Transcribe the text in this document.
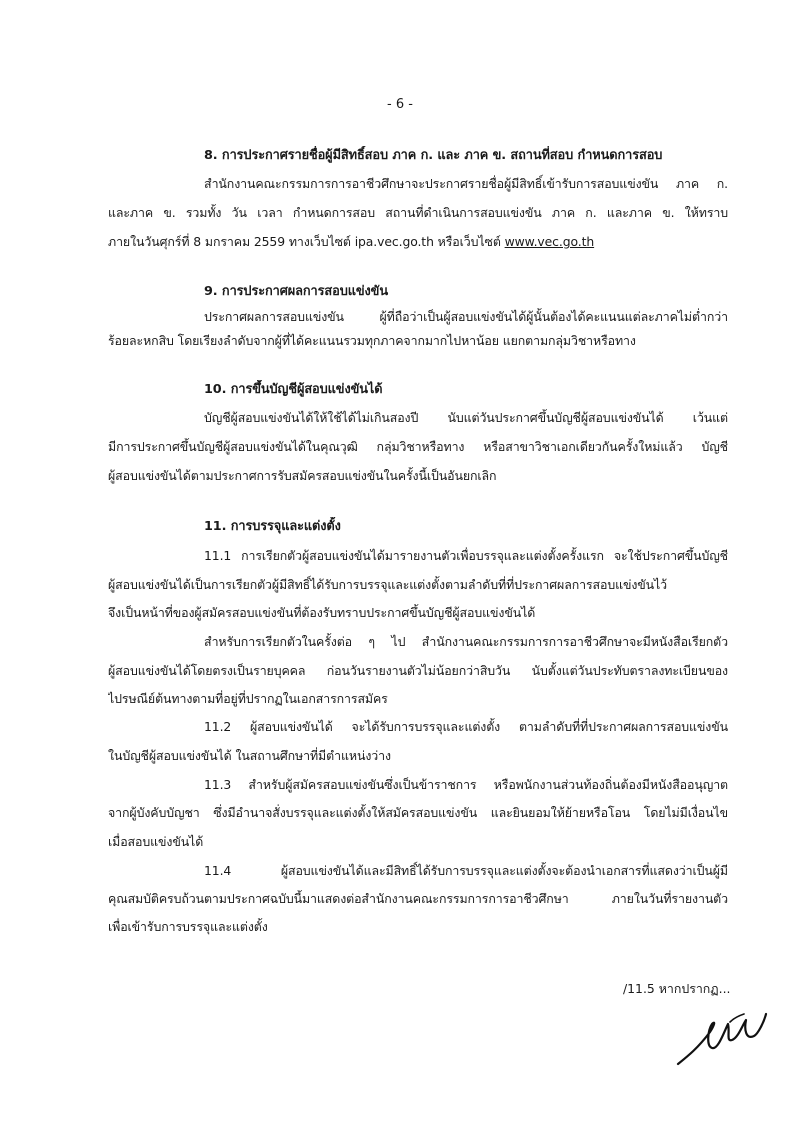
- 6 -
8. การประกาศรายชื่อผู้มีสิทธิ์สอบ ภาค ก. และ ภาค ข. สถานที่สอบ กำหนดการสอบ
สำนักงานคณะกรรมการการอาชีวศึกษาจะประกาศรายชื่อผู้มีสิทธิ์เข้ารับการสอบแข่งขัน ภาค ก.
และภาค ข. รวมทั้ง วัน เวลา กำหนดการสอบ สถานที่ดำเนินการสอบแข่งขัน ภาค ก. และภาค ข. ให้ทราบ
ภายในวันศุกร์ที่ 8 มกราคม 2559 ทางเว็บไซต์ ipa.vec.go.th หรือเว็บไซต์ www.vec.go.th
9. การประกาศผลการสอบแข่งขัน
ประกาศผลการสอบแข่งขัน ผู้ที่ถือว่าเป็นผู้สอบแข่งขันได้ผู้นั้นต้องได้คะแนนแต่ละภาคไม่ต่ำกว่า
ร้อยละหกสิบ โดยเรียงลำดับจากผู้ที่ได้คะแนนรวมทุกภาคจากมากไปหาน้อย แยกตามกลุ่มวิชาหรือทาง
10. การขึ้นบัญชีผู้สอบแข่งขันได้
บัญชีผู้สอบแข่งขันได้ให้ใช้ได้ไม่เกินสองปี นับแต่วันประกาศขึ้นบัญชีผู้สอบแข่งขันได้ เว้นแต่
มีการประกาศขึ้นบัญชีผู้สอบแข่งขันได้ในคุณวุฒิ กลุ่มวิชาหรือทาง หรือสาขาวิชาเอกเดียวกันครั้งใหม่แล้ว บัญชี
ผู้สอบแข่งขันได้ตามประกาศการรับสมัครสอบแข่งขันในครั้งนี้เป็นอันยกเลิก
11. การบรรจุและแต่งตั้ง
11.1 การเรียกตัวผู้สอบแข่งขันได้มารายงานตัวเพื่อบรรจุและแต่งตั้งครั้งแรก จะใช้ประกาศขึ้นบัญชี
ผู้สอบแข่งขันได้เป็นการเรียกตัวผู้มีสิทธิ์ได้รับการบรรจุและแต่งตั้งตามลำดับที่ที่ประกาศผลการสอบแข่งขันไว้
จึงเป็นหน้าที่ของผู้สมัครสอบแข่งขันที่ต้องรับทราบประกาศขึ้นบัญชีผู้สอบแข่งขันได้
สำหรับการเรียกตัวในครั้งต่อ ๆ ไป สำนักงานคณะกรรมการการอาชีวศึกษาจะมีหนังสือเรียกตัว
ผู้สอบแข่งขันได้โดยตรงเป็นรายบุคคล ก่อนวันรายงานตัวไม่น้อยกว่าสิบวัน นับตั้งแต่วันประทับตราลงทะเบียนของ
ไปรษณีย์ต้นทางตามที่อยู่ที่ปรากฏในเอกสารการสมัคร
11.2 ผู้สอบแข่งขันได้ จะได้รับการบรรจุและแต่งตั้ง ตามลำดับที่ที่ประกาศผลการสอบแข่งขัน
ในบัญชีผู้สอบแข่งขันได้ ในสถานศึกษาที่มีตำแหน่งว่าง
11.3 สำหรับผู้สมัครสอบแข่งขันซึ่งเป็นข้าราชการ หรือพนักงานส่วนท้องถิ่นต้องมีหนังสืออนุญาต
จากผู้บังคับบัญชา ซึ่งมีอำนาจสั่งบรรจุและแต่งตั้งให้สมัครสอบแข่งขัน และยินยอมให้ย้ายหรือโอน โดยไม่มีเงื่อนไข
เมื่อสอบแข่งขันได้
11.4 ผู้สอบแข่งขันได้และมีสิทธิ์ได้รับการบรรจุและแต่งตั้งจะต้องนำเอกสารที่แสดงว่าเป็นผู้มี
คุณสมบัติครบถ้วนตามประกาศฉบับนี้มาแสดงต่อสำนักงานคณะกรรมการการอาชีวศึกษา ภายในวันที่รายงานตัว
เพื่อเข้ารับการบรรจุและแต่งตั้ง
/11.5 หากปรากฏ...
